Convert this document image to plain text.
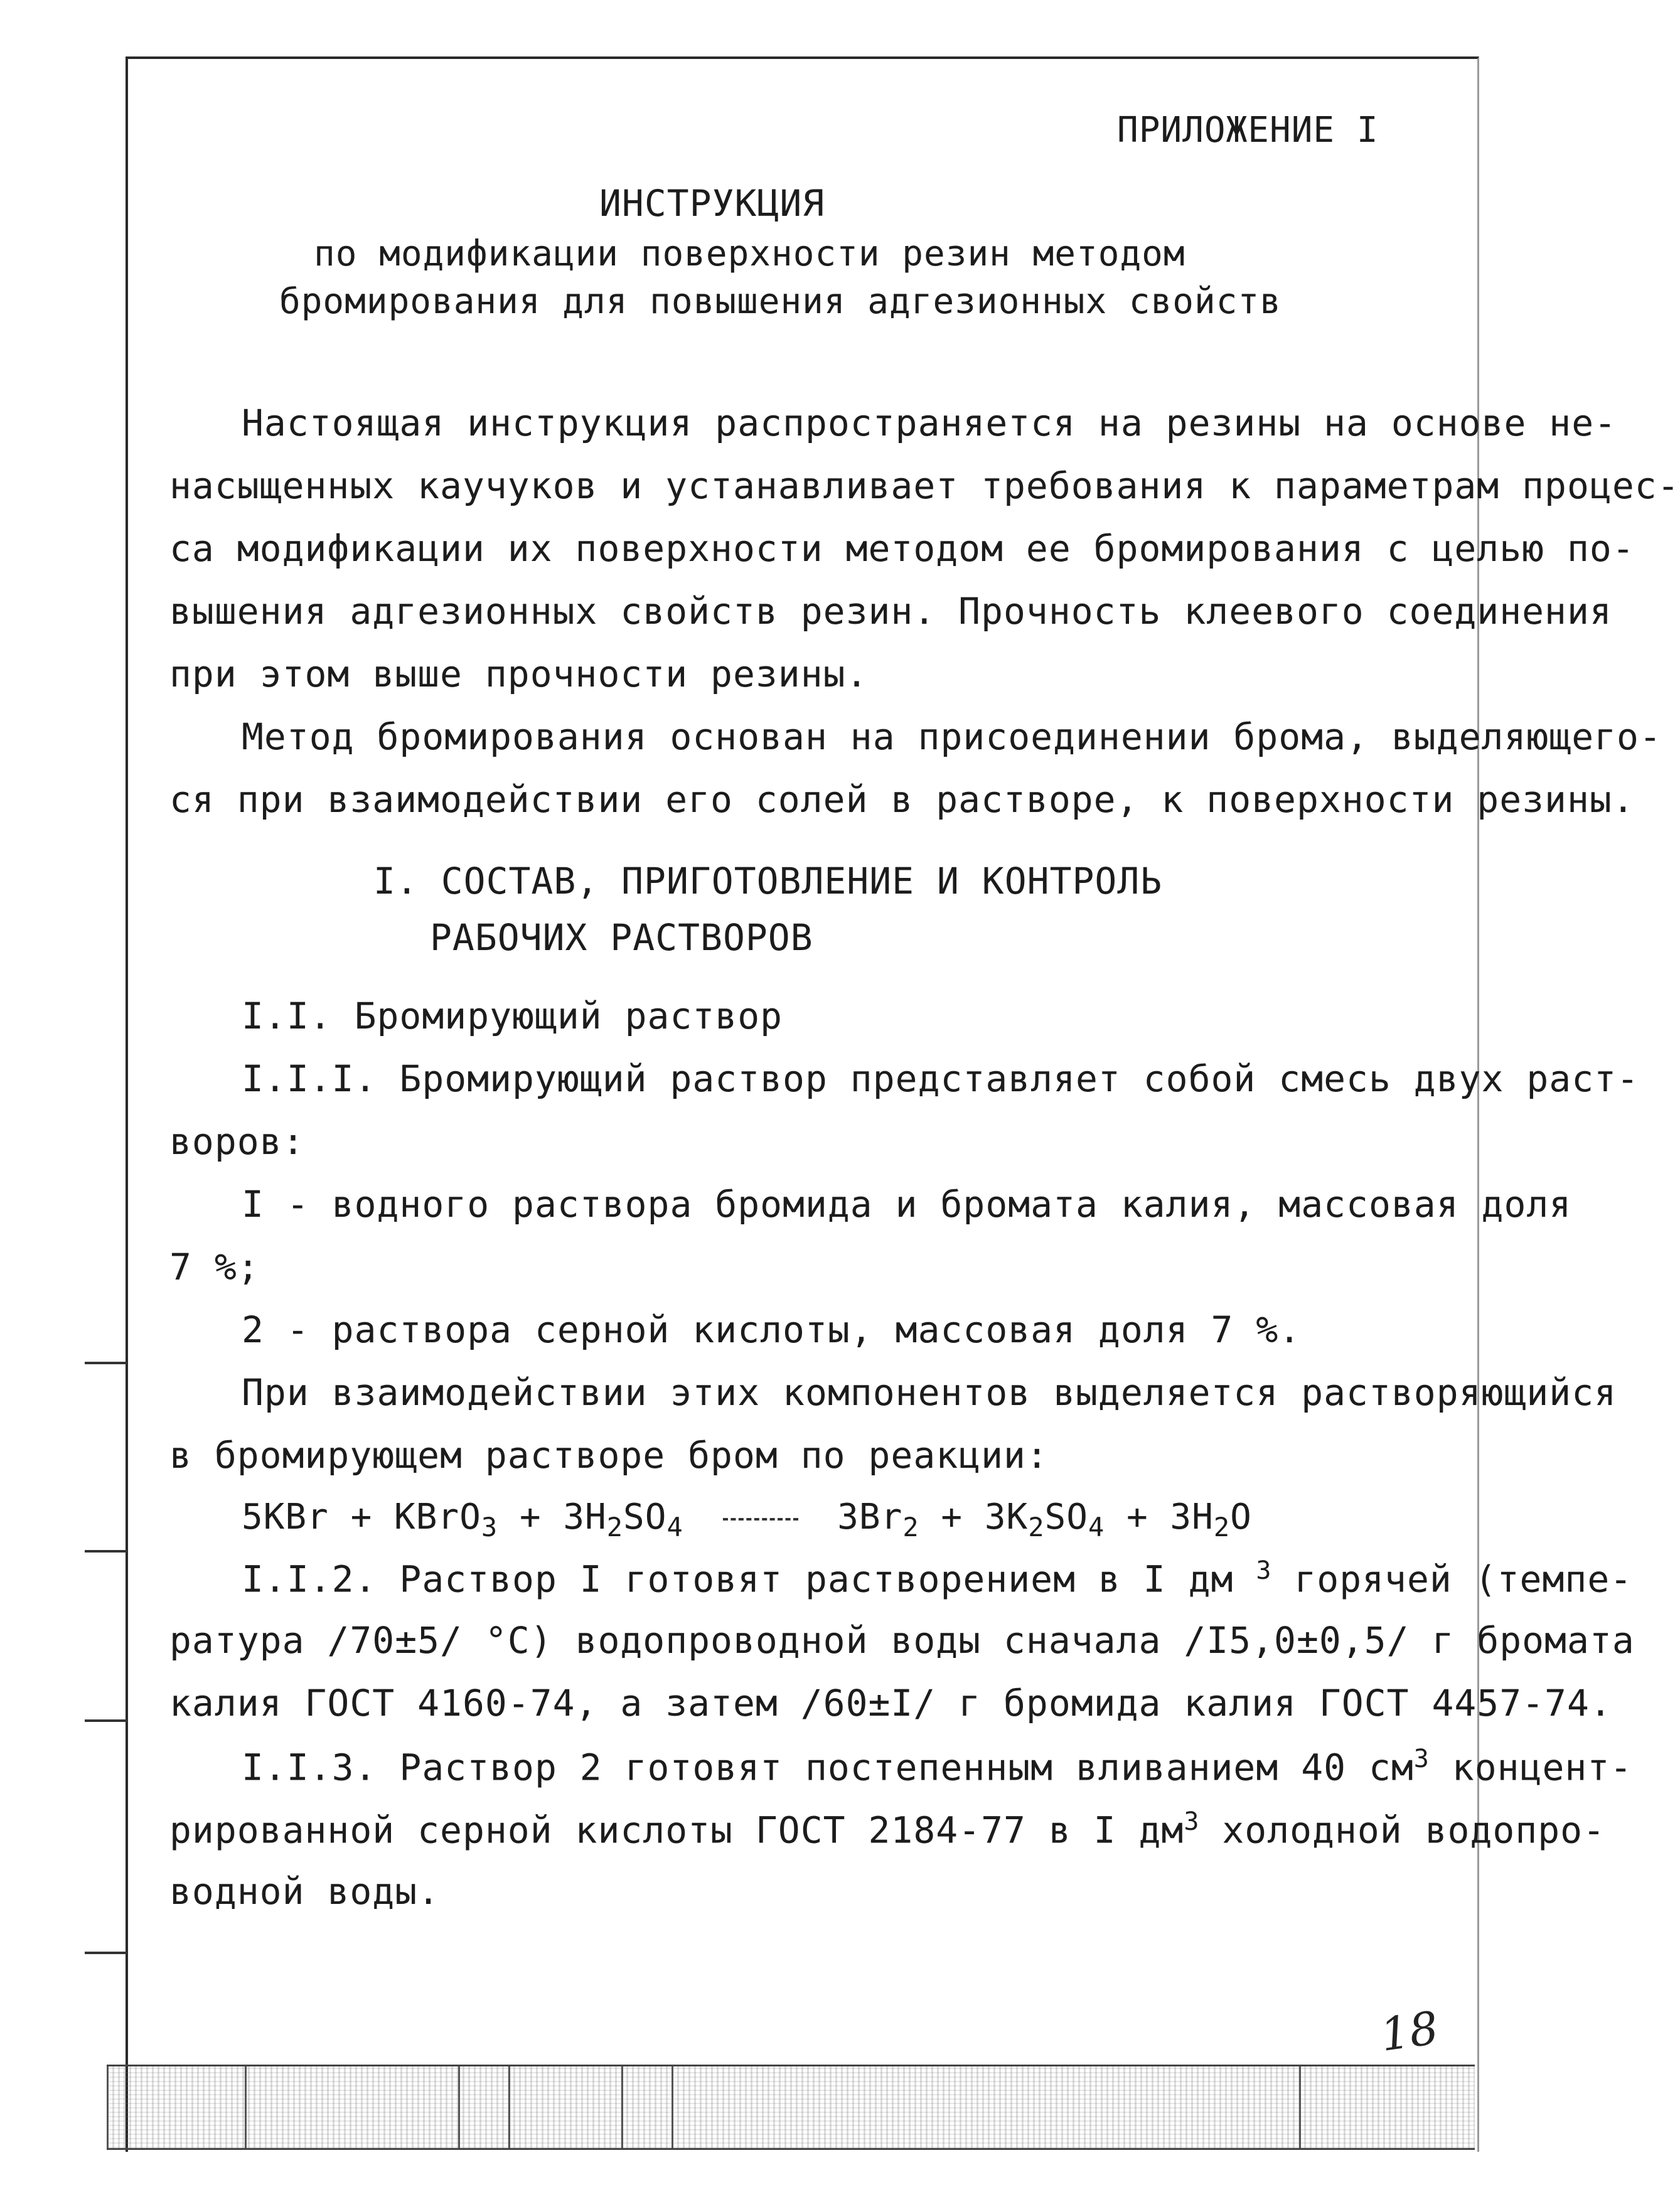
ПРИЛОЖЕНИЕ I
ИНСТРУКЦИЯ
по модификации поверхности резин методом
бромирования для повышения адгезионных свойств
Настоящая инструкция распространяется на резины на основе не-
насыщенных каучуков и устанавливает требования к параметрам процес-
са модификации их поверхности методом ее бромирования с целью по-
вышения адгезионных свойств резин. Прочность клеевого соединения
при этом выше прочности резины.
Метод бромирования основан на присоединении брома, выделяющего-
ся при взаимодействии его солей в растворе, к поверхности резины.
I. СОСТАВ, ПРИГОТОВЛЕНИЕ И КОНТРОЛЬ
РАБОЧИХ РАСТВОРОВ
I.I. Бромирующий раствор
I.I.I. Бромирующий раствор представляет собой смесь двух раст-
воров:
I - водного раствора бромида и бромата калия, массовая доля
7 %;
2 - раствора серной кислоты, массовая доля 7 %.
При взаимодействии этих компонентов выделяется растворяющийся
в бромирующем растворе бром по реакции:
5KBr + KBrO$_3$ + $3H_2SO_4$	$3Br_2 + 3K_2SO_4 + 3H_2O$
I.I.2. Раствор I готовят растворением в I дм $^3$ горячей (темпе-
ратура /70±5/ °С) водопроводной воды сначала /I5,0±0,5/ г бромата
калия ГОСТ 4160-74, а затем /60±I/ г бромида калия ГОСТ 4457-74.
I.I.3. Раствор 2 готовят постепенным вливанием 40 $см^3$ концент-
рированной серной кислоты ГОСТ 2184-77 в I $дм^3$ холодной водопро-
водной воды.
18
